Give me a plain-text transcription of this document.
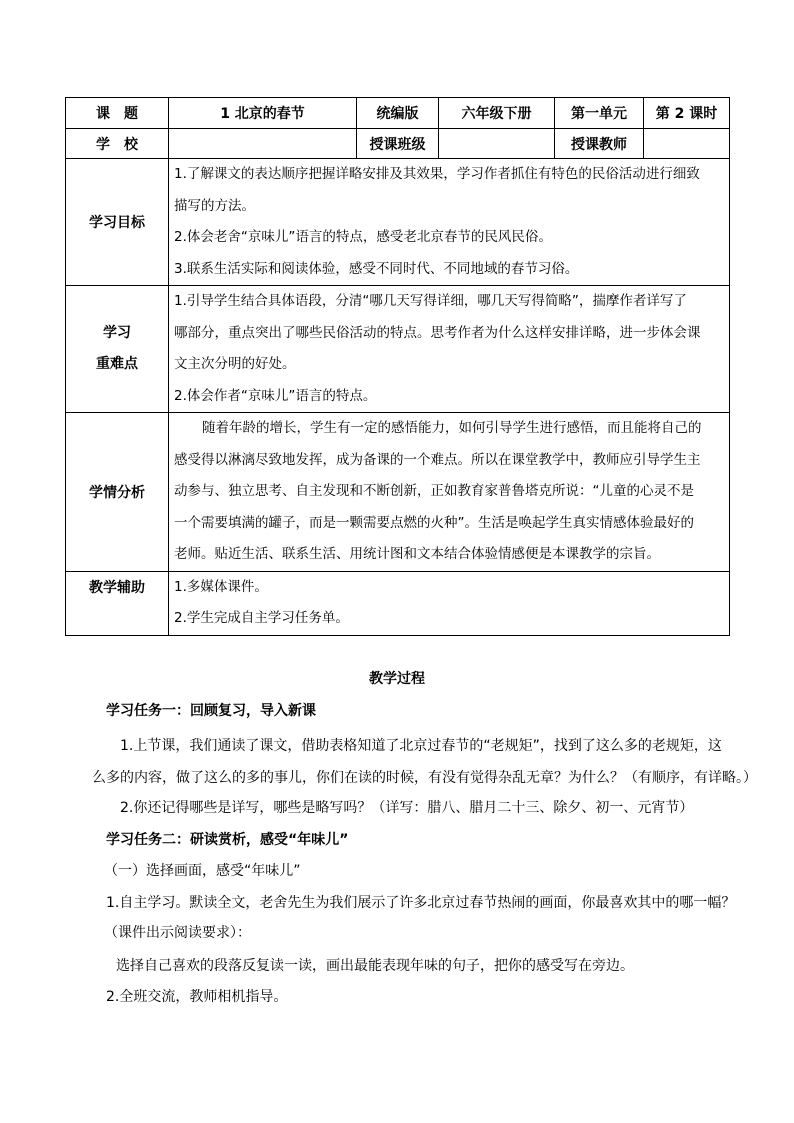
课　题	1 北京的春节	统编版	六年级下册	第一单元	第 2 课时
学　校		授课班级		授课教师	
学习目标	1.了解课文的表达顺序把握详略安排及其效果，学习作者抓住有特色的民俗活动进行细致
描写的方法。
2.体会老舍“京味儿”语言的特点，感受老北京春节的民风民俗。
3.联系生活实际和阅读体验，感受不同时代、不同地域的春节习俗。				

学习
重难点	1.引导学生结合具体语段，分清“哪几天写得详细，哪几天写得简略”，揣摩作者详写了
哪部分，重点突出了哪些民俗活动的特点。思考作者为什么这样安排详略，进一步体会课
文主次分明的好处。
2.体会作者“京味儿”语言的特点。				

学情分析	随着年龄的增长，学生有一定的感悟能力，如何引导学生进行感悟，而且能将自己的
感受得以淋漓尽致地发挥，成为备课的一个难点。所以在课堂教学中，教师应引导学生主
动参与、独立思考、自主发现和不断创新，正如教育家普鲁塔克所说：“儿童的心灵不是
一个需要填满的罐子，而是一颗需要点燃的火种”。生活是唤起学生真实情感体验最好的
老师。贴近生活、联系生活、用统计图和文本结合体验情感便是本课教学的宗旨。				

教学辅助	1.多媒体课件。
2.学生完成自主学习任务单。				

教学过程

学习任务一：回顾复习，导入新课

1.上节课，我们通读了课文，借助表格知道了北京过春节的“老规矩”，找到了这么多的老规矩，这

么多的内容，做了这么的多的事儿，你们在读的时候，有没有觉得杂乱无章？为什么？（有顺序，有详略。）

2.你还记得哪些是详写，哪些是略写吗？（详写：腊八、腊月二十三、除夕、初一、元宵节）

学习任务二：研读赏析，感受“年味儿”

（一）选择画面，感受“年味儿”

1.自主学习。默读全文，老舍先生为我们展示了许多北京过春节热闹的画面，你最喜欢其中的哪一幅？

（课件出示阅读要求）：

选择自己喜欢的段落反复读一读，画出最能表现年味的句子，把你的感受写在旁边。

2.全班交流，教师相机指导。
